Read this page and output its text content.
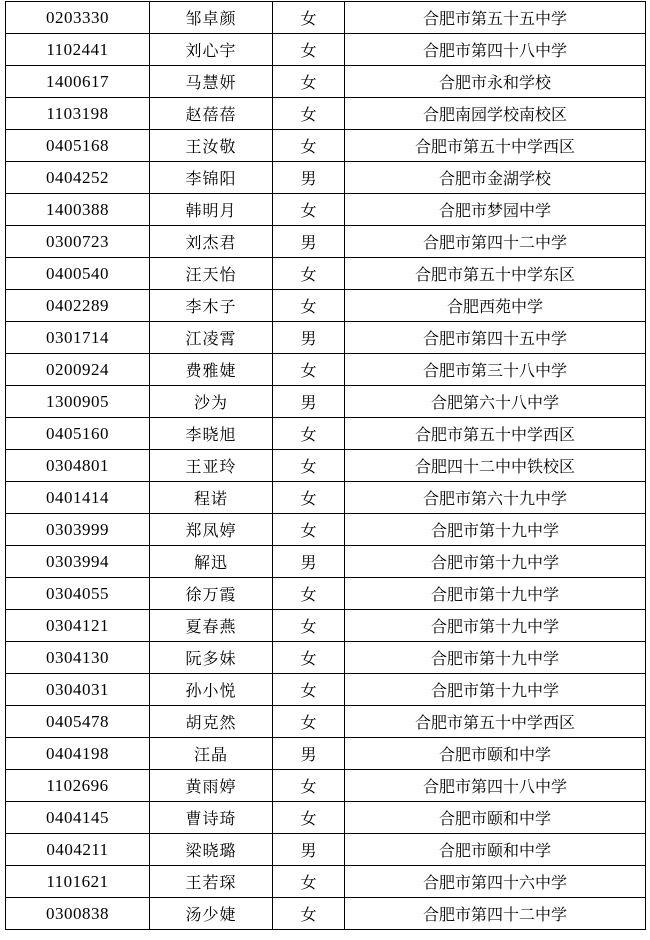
0203330	邹卓颜	女	合肥市第五十五中学
1102441	刘心宇	女	合肥市第四十八中学
1400617	马慧妍	女	合肥市永和学校
1103198	赵蓓蓓	女	合肥南园学校南校区
0405168	王汝敬	女	合肥市第五十中学西区
0404252	李锦阳	男	合肥市金湖学校
1400388	韩明月	女	合肥市梦园中学
0300723	刘杰君	男	合肥市第四十二中学
0400540	汪天怡	女	合肥市第五十中学东区
0402289	李木子	女	合肥西苑中学
0301714	江凌霄	男	合肥市第四十五中学
0200924	费雅婕	女	合肥市第三十八中学
1300905	沙为	男	合肥第六十八中学
0405160	李晓旭	女	合肥市第五十中学西区
0304801	王亚玲	女	合肥四十二中中铁校区
0401414	程诺	女	合肥市第六十九中学
0303999	郑凤婷	女	合肥市第十九中学
0303994	解迅	男	合肥市第十九中学
0304055	徐万霞	女	合肥市第十九中学
0304121	夏春燕	女	合肥市第十九中学
0304130	阮多妹	女	合肥市第十九中学
0304031	孙小悦	女	合肥市第十九中学
0405478	胡克然	女	合肥市第五十中学西区
0404198	汪晶	男	合肥市颐和中学
1102696	黄雨婷	女	合肥市第四十八中学
0404145	曹诗琦	女	合肥市颐和中学
0404211	梁晓璐	男	合肥市颐和中学
1101621	王若琛	女	合肥市第四十六中学
0300838	汤少婕	女	合肥市第四十二中学
